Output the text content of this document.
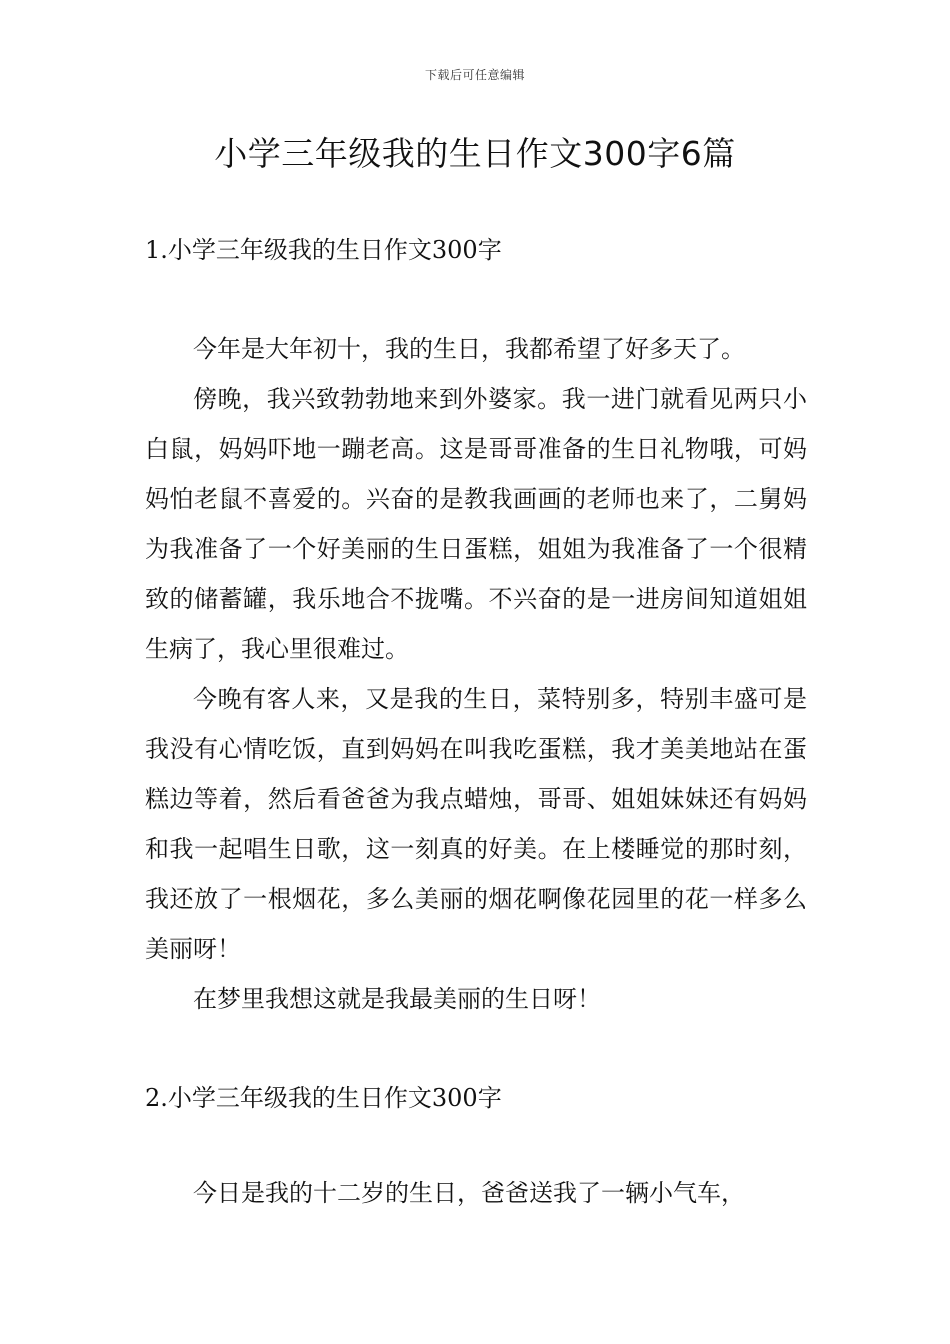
下载后可任意编辑
小学三年级我的生日作文300字6篇
1.小学三年级我的生日作文300字

今年是大年初十，我的生日，我都希望了好多天了。

傍晚，我兴致勃勃地来到外婆家。我一进门就看见两只小白鼠，妈妈吓地一蹦老高。这是哥哥准备的生日礼物哦，可妈妈怕老鼠不喜爱的。兴奋的是教我画画的老师也来了，二舅妈为我准备了一个好美丽的生日蛋糕，姐姐为我准备了一个很精致的储蓄罐，我乐地合不拢嘴。不兴奋的是一进房间知道姐姐生病了，我心里很难过。

今晚有客人来，又是我的生日，菜特别多，特别丰盛可是我没有心情吃饭，直到妈妈在叫我吃蛋糕，我才美美地站在蛋糕边等着，然后看爸爸为我点蜡烛，哥哥、姐姐妹妹还有妈妈和我一起唱生日歌，这一刻真的好美。在上楼睡觉的那时刻，我还放了一根烟花，多么美丽的烟花啊像花园里的花一样多么美丽呀！

在梦里我想这就是我最美丽的生日呀！

2.小学三年级我的生日作文300字

今日是我的十二岁的生日，爸爸送我了一辆小气车，
